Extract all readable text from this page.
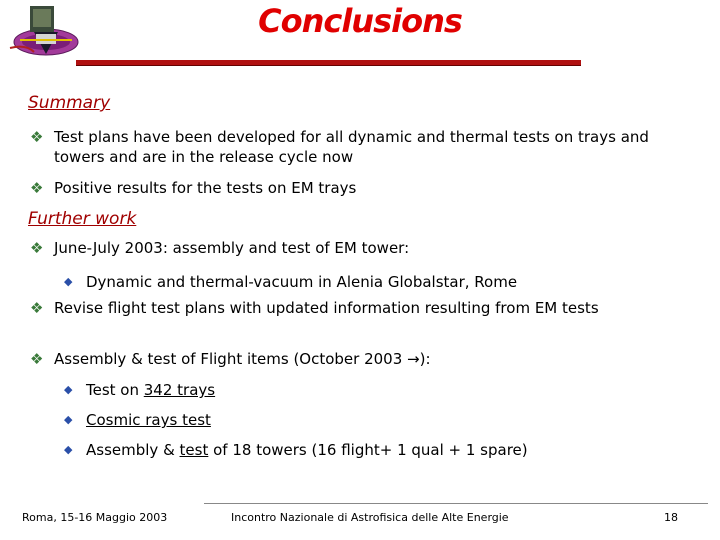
Conclusions
Summary
❖ Test plans have been developed for all dynamic and thermal tests on trays and towers and are in the release cycle now
❖ Positive results for the tests on EM trays
Further work
❖ June-July 2003: assembly and test of EM tower:
◆ Dynamic and thermal-vacuum in Alenia Globalstar, Rome
❖ Revise flight test plans with updated information resulting from EM tests
❖ Assembly & test of Flight items (October 2003 →):
◆ Test on 342 trays
◆ Cosmic rays test
◆ Assembly & test of 18 towers (16 flight+ 1 qual + 1 spare)
Roma, 15-16 Maggio 2003	Incontro Nazionale di Astrofisica delle Alte Energie	18
